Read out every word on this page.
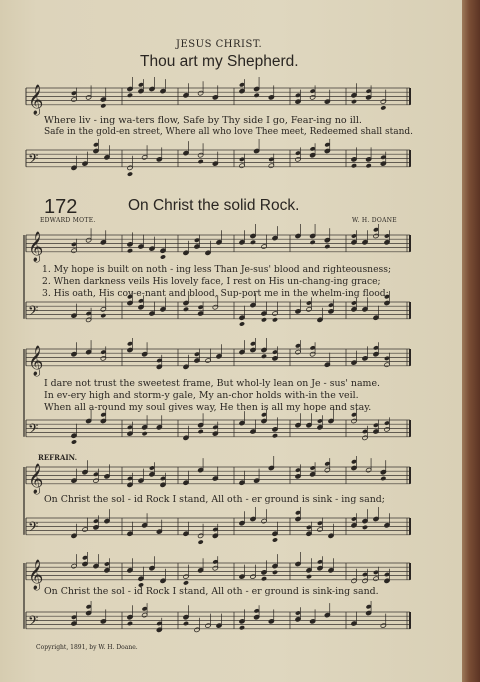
𝄞
𝄢
𝄞
𝄢
𝄞
𝄢
𝄞
𝄢
𝄞
𝄢
JESUS CHRIST.
Thou art my Shepherd.
Where liv - ing wa-ters flow, Safe by Thy side I go, Fear-ing no ill.
Safe in the gold-en street, Where all who love Thee meet, Redeemed shall stand.
172	On Christ the solid Rock.
EDWARD MOTE.	W. H. DOANE
1. My hope is built on noth - ing less Than Je-sus' blood and righteousness;
2. When darkness veils His lovely face, I rest on His un-chang-ing grace;
3. His oath, His cov-e-nant and blood, Sup-port me in the whelm-ing flood;
I dare not trust the sweetest frame, But whol-ly lean on Je - sus' name.
In ev-ery high and storm-y gale, My an-chor holds with-in the veil.
When all a-round my soul gives way, He then is all my hope and stay.
REFRAIN.
On Christ the sol - id Rock I stand, All oth - er ground is sink - ing sand;
On Christ the sol - id Rock I stand, All oth - er ground is sink-ing sand.
Copyright, 1891, by W. H. Doane.
